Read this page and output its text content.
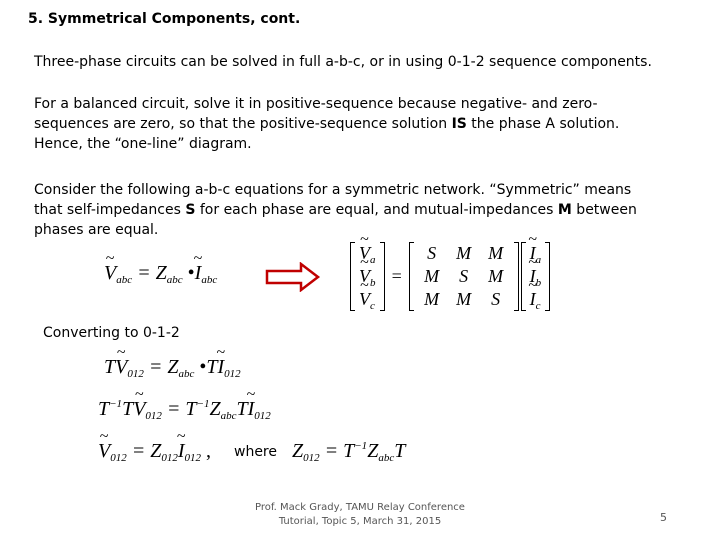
5. Symmetrical Components, cont.
Three-phase circuits can be solved in full a-b-c, or in using 0-1-2 sequence components.
For a balanced circuit, solve it in positive-sequence because negative- and zero-
sequences are zero, so that the positive-sequence solution IS the phase A solution.
Hence, the “one-line” diagram.
Consider the following a-b-c equations for a symmetric network. “Symmetric” means
that self-impedances S for each phase are equal, and mutual-impedances M between
phases are equal.
~ $V_{abc} = Z_{abc}$ •~ $I_{abc}$
~ $V_a$
~ $V_b$
~ $V_c$
=
S M M
M S M
M M S
~ $I_a$
~ $I_b$
~ $I_c$
Converting to 0-1-2
T~ $V_{012} = Z_{abc}$ •T~ $I_{012}$
$T^{-1}T\sim$ $V_{012}$ = $T^{-1}Z_{abc}T\sim$ $I_{012}$
~ $V_{012}$ = $Z_{012}\sim$ $I_{012}$ , where $Z_{012} = T^{-1}Z_{abc}T$
Prof. Mack Grady, TAMU Relay Conference
Tutorial, Topic 5, March 31, 2015	5
